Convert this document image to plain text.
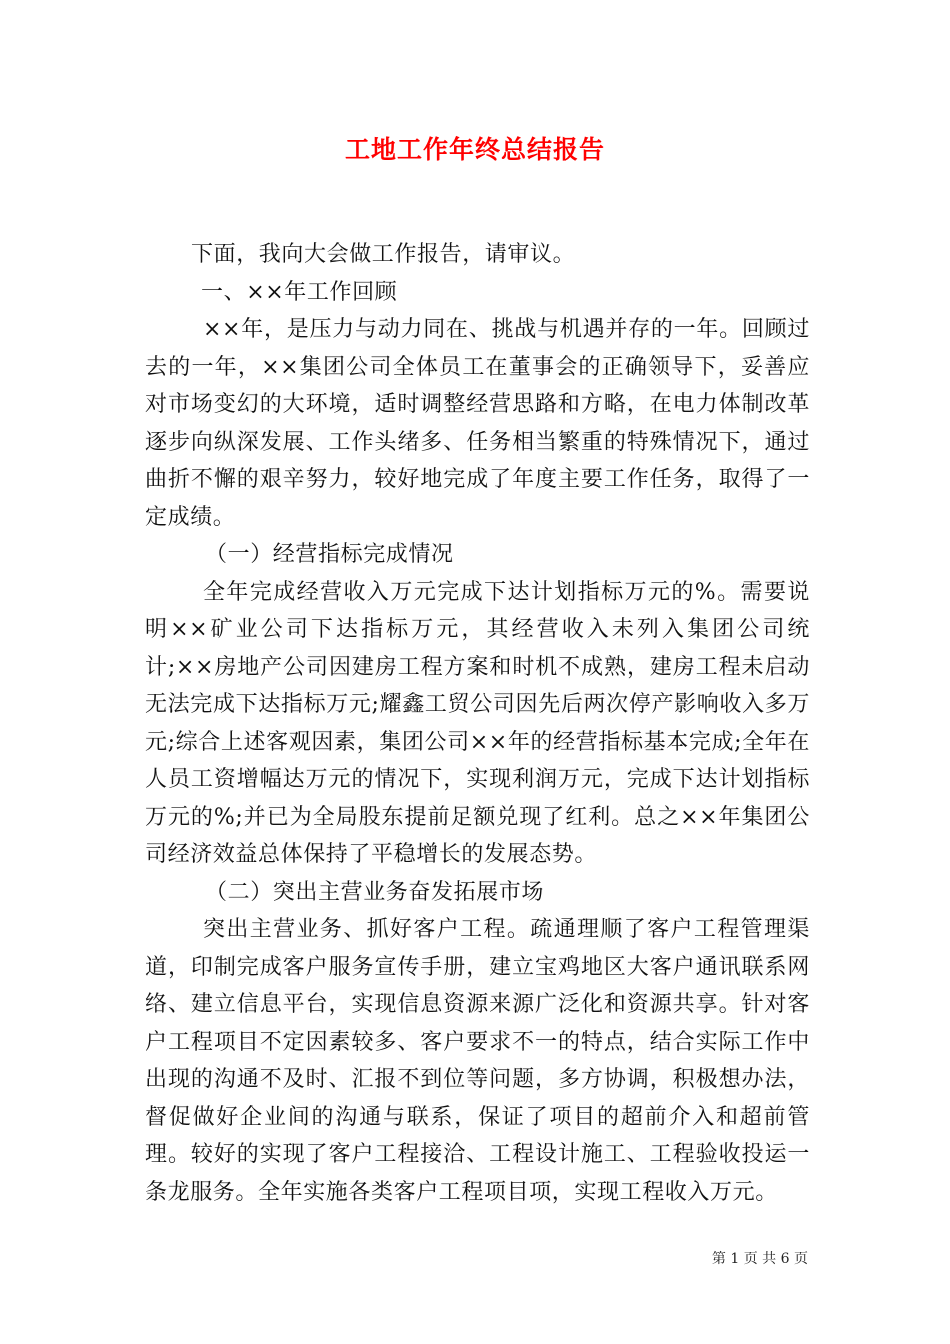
工地工作年终总结报告

下面，我向大会做工作报告，请审议。

一、××年工作回顾

××年，是压力与动力同在、挑战与机遇并存的一年。回顾过去的一年，××集团公司全体员工在董事会的正确领导下，妥善应对市场变幻的大环境，适时调整经营思路和方略，在电力体制改革逐步向纵深发展、工作头绪多、任务相当繁重的特殊情况下，通过曲折不懈的艰辛努力，较好地完成了年度主要工作任务，取得了一定成绩。

（一）经营指标完成情况

全年完成经营收入万元完成下达计划指标万元的%。需要说明××矿业公司下达指标万元，其经营收入未列入集团公司统计;××房地产公司因建房工程方案和时机不成熟，建房工程未启动无法完成下达指标万元;耀鑫工贸公司因先后两次停产影响收入多万元;综合上述客观因素，集团公司××年的经营指标基本完成;全年在人员工资增幅达万元的情况下，实现利润万元，完成下达计划指标万元的%;并已为全局股东提前足额兑现了红利。总之××年集团公司经济效益总体保持了平稳增长的发展态势。

（二）突出主营业务奋发拓展市场

突出主营业务、抓好客户工程。疏通理顺了客户工程管理渠道，印制完成客户服务宣传手册，建立宝鸡地区大客户通讯联系网络、建立信息平台，实现信息资源来源广泛化和资源共享。针对客户工程项目不定因素较多、客户要求不一的特点，结合实际工作中出现的沟通不及时、汇报不到位等问题，多方协调，积极想办法，督促做好企业间的沟通与联系，保证了项目的超前介入和超前管理。较好的实现了客户工程接洽、工程设计施工、工程验收投运一条龙服务。全年实施各类客户工程项目项，实现工程收入万元。

第 1 页 共 6 页
